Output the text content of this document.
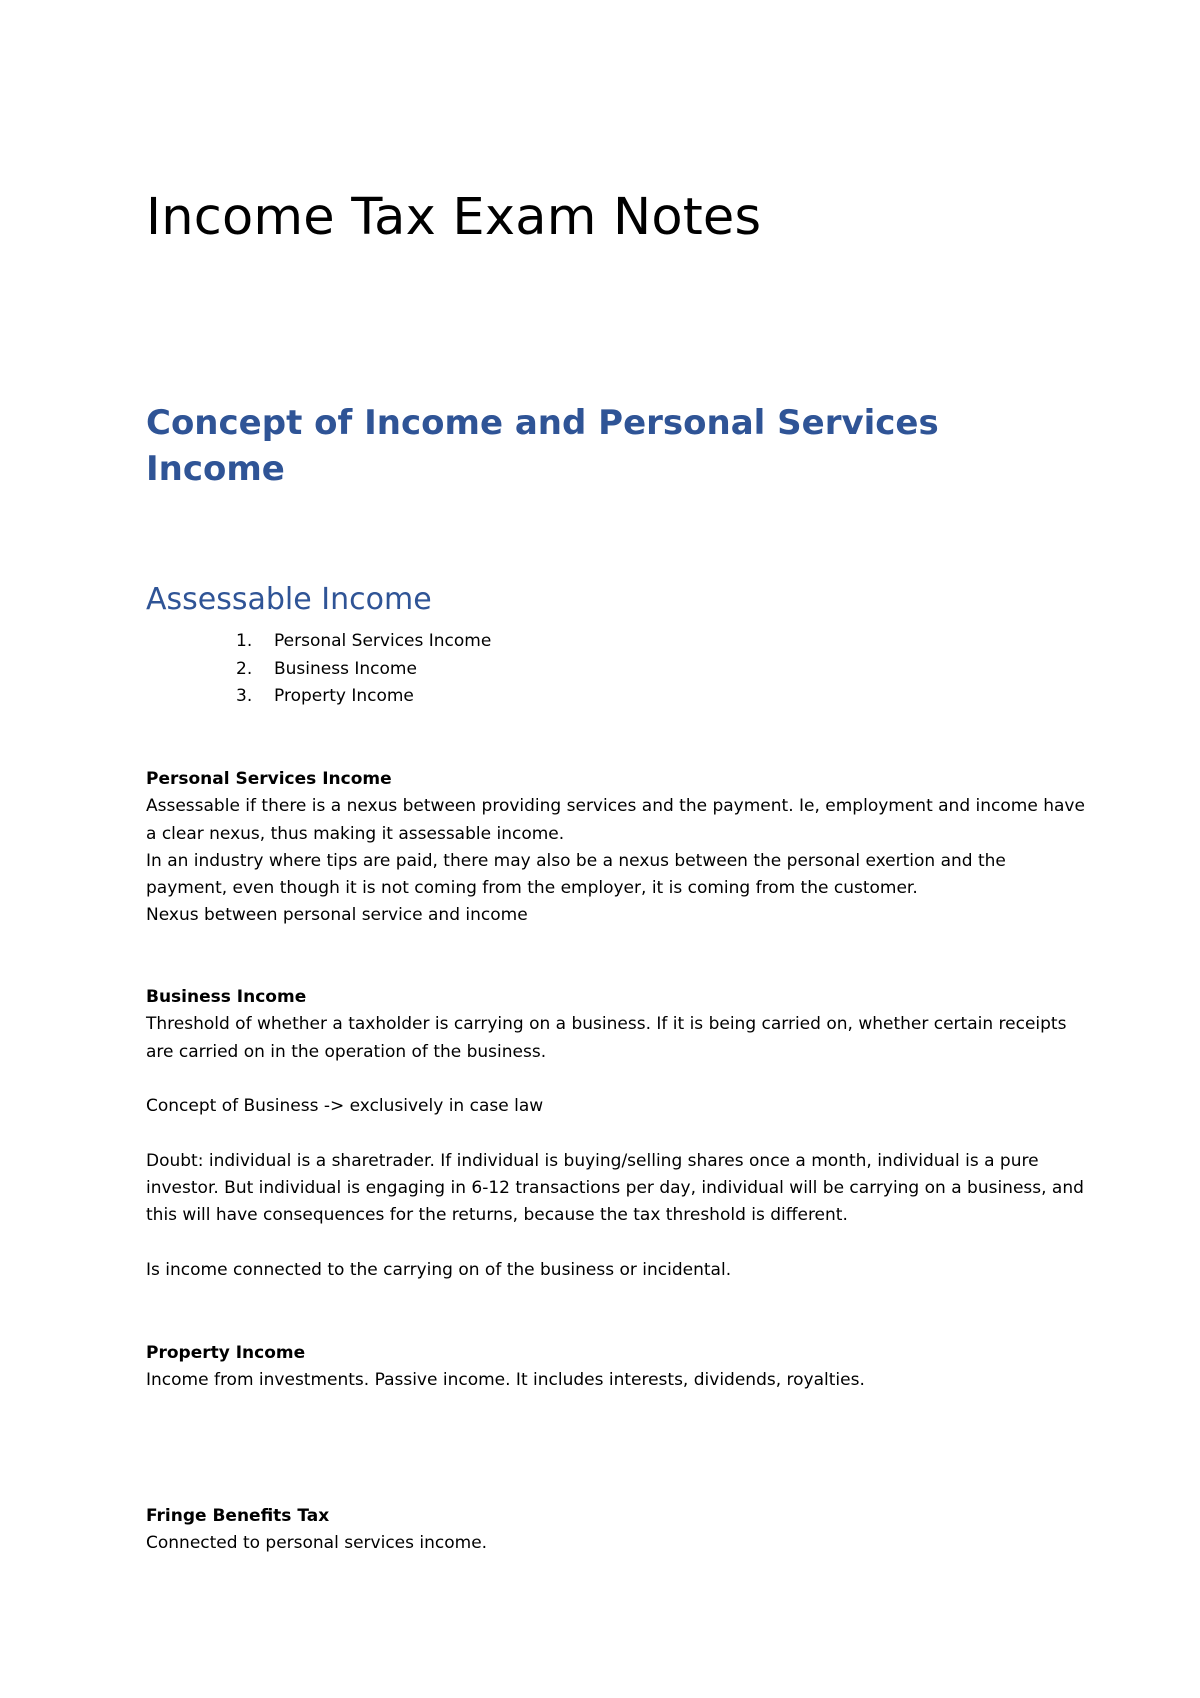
Income Tax Exam Notes
Concept of Income and Personal Services Income
Assessable Income
1. Personal Services Income
2. Business Income
3. Property Income

Personal Services Income

Assessable if there is a nexus between providing services and the payment. Ie, employment and income have a clear nexus, thus making it assessable income.

In an industry where tips are paid, there may also be a nexus between the personal exertion and the payment, even though it is not coming from the employer, it is coming from the customer.

Nexus between personal service and income

Business Income

Threshold of whether a taxholder is carrying on a business. If it is being carried on, whether certain receipts are carried on in the operation of the business.

Concept of Business -> exclusively in case law

Doubt: individual is a sharetrader. If individual is buying/selling shares once a month, individual is a pure investor. But individual is engaging in 6-12 transactions per day, individual will be carrying on a business, and this will have consequences for the returns, because the tax threshold is different.

Is income connected to the carrying on of the business or incidental.

Property Income

Income from investments. Passive income. It includes interests, dividends, royalties.

Fringe Benefits Tax

Connected to personal services income.
